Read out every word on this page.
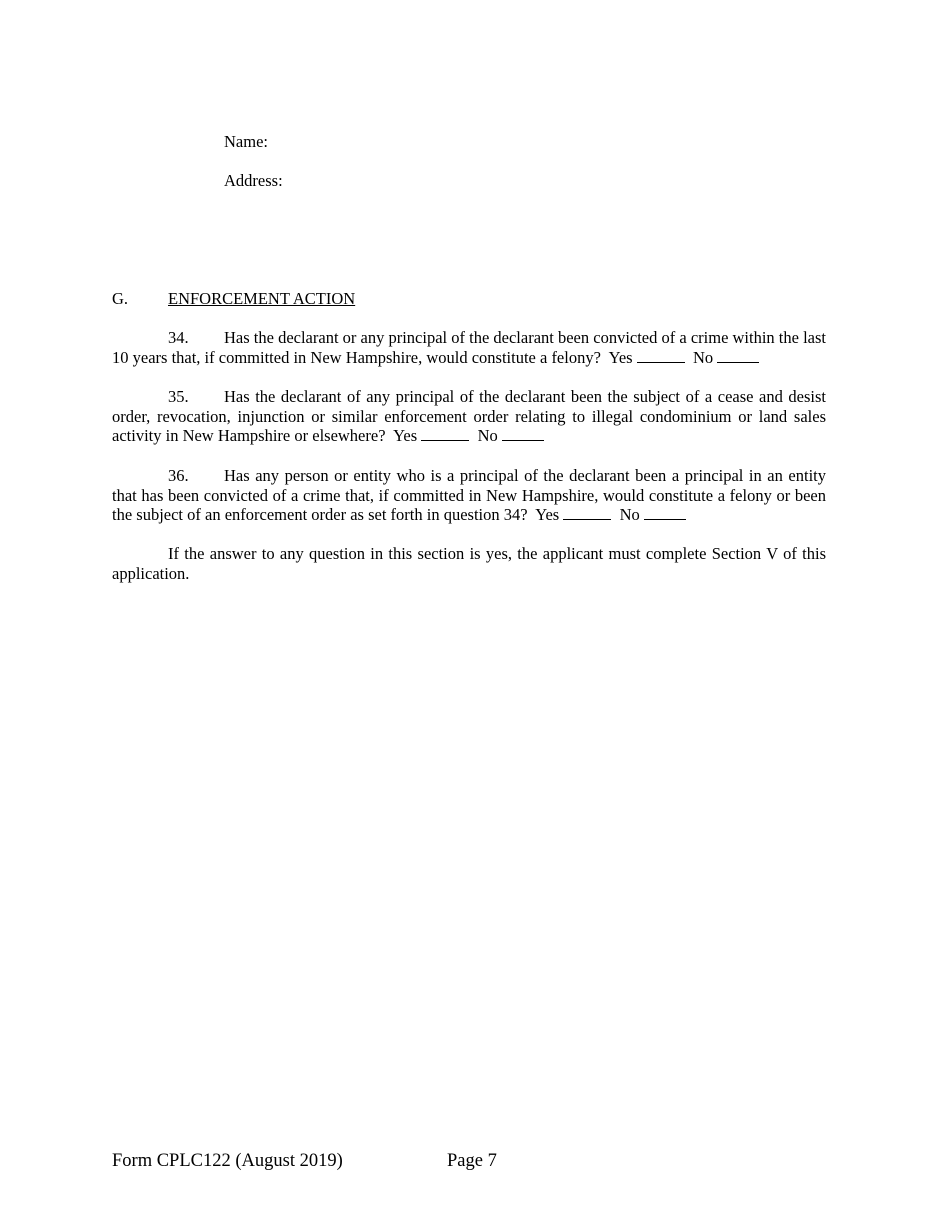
Name:
Address:
G. ENFORCEMENT ACTION
34. Has the declarant or any principal of the declarant been convicted of a crime within the last 10 years that, if committed in New Hampshire, would constitute a felony? Yes	No
35. Has the declarant of any principal of the declarant been the subject of a cease and desist order, revocation, injunction or similar enforcement order relating to illegal condominium or land sales activity in New Hampshire or elsewhere? Yes	No
36. Has any person or entity who is a principal of the declarant been a principal in an entity that has been convicted of a crime that, if committed in New Hampshire, would constitute a felony or been the subject of an enforcement order as set forth in question 34? Yes	No
If the answer to any question in this section is yes, the applicant must complete Section V of this application.
Form CPLC122 (August 2019)	Page 7
